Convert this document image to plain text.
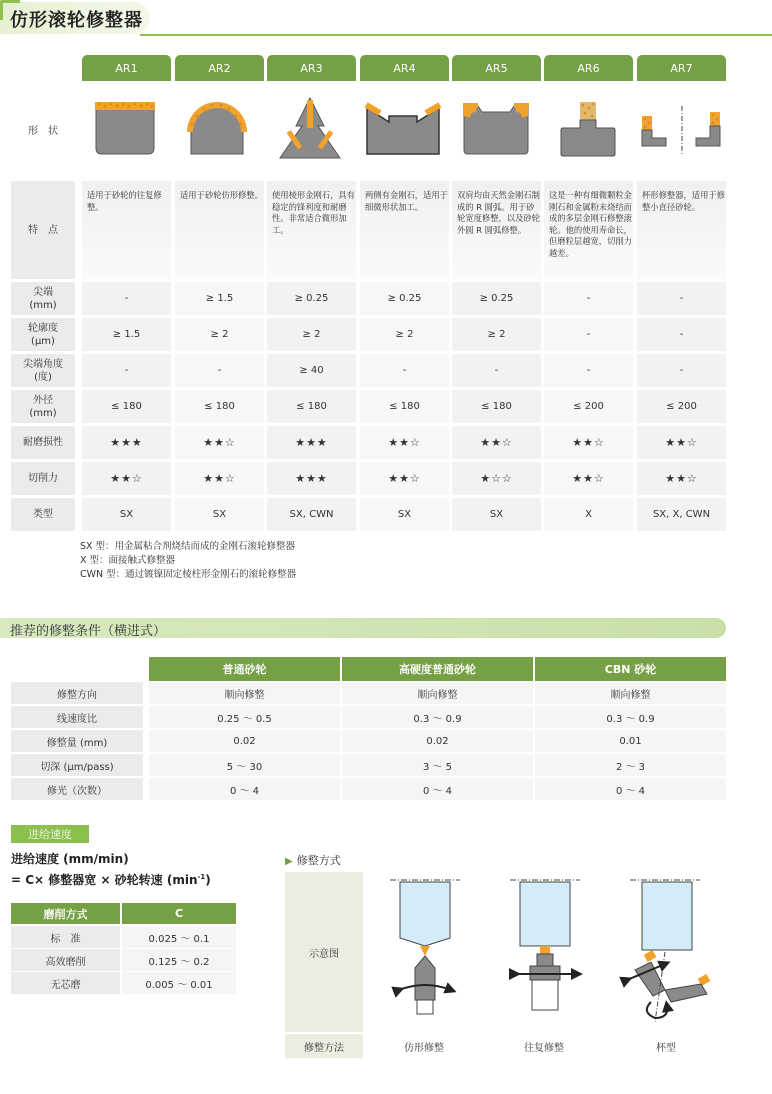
仿形滚轮修整器
形　状
特　点
AR1
适用于砂轮的往复修整。
AR2
适用于砂轮仿形修整。
AR3
使用棱形金刚石，具有稳定的锋利度和耐磨性。非常适合微形加工。
AR4
两侧有金刚石，适用于细微形状加工。
AR5
双肩均由天然金刚石制成的 R 圆弧。用于砂轮宽度修整，以及砂轮外圆 R 圆弧修整。
AR6
这是一种有细微颗粒金刚石和金属粉末烧结而成的多层金刚石修整滚轮。他的使用寿命长，但磨粒层越宽，切削力越差。
AR7
杯形修整器，适用于修整小直径砂轮。
尖端
(mm)
-	≥ 1.5	≥ 0.25	≥ 0.25	≥ 0.25	-	-
轮廓度
(μm)
≥ 1.5	≥ 2	≥ 2	≥ 2	≥ 2	-	-
尖端角度
(度)
-	-	≥ 40	-	-	-	-
外径
(mm)
≤ 180	≤ 180	≤ 180	≤ 180	≤ 180	≤ 200	≤ 200
耐磨损性	★★★	★★☆	★★★	★★☆	★★☆	★★☆	★★☆
切削力	★★☆	★★☆	★★★	★★☆	★☆☆	★★☆	★★☆
类型	SX	SX	SX, CWN	SX	SX	X	SX, X, CWN
SX 型：用金属粘合剂烧结而成的金刚石滚轮修整器
X 型：面接触式修整器
CWN 型：通过镀镍固定棱柱形金刚石的滚轮修整器
推荐的修整条件（横进式）
普通砂轮	高硬度普通砂轮	CBN 砂轮
修整方向	顺向修整	顺向修整	顺向修整
线速度比	0.25 ～ 0.5	0.3 ～ 0.9	0.3 ～ 0.9
修整量 (mm)	0.02	0.02	0.01
切深 (μm/pass)	5 ～ 30	3 ～ 5	2 ～ 3
修光（次数）	0 ～ 4	0 ～ 4	0 ～ 4
进给速度
进给速度 (mm/min)
= C× 修整器宽 × 砂轮转速 $(\min^{-1})$
磨削方式	C
标　准	0.025 ～ 0.1
高效磨削	0.125 ～ 0.2
无芯磨	0.005 ～ 0.01
▶ 修整方式
示意图
修整方法	仿形修整	往复修整	杯型
